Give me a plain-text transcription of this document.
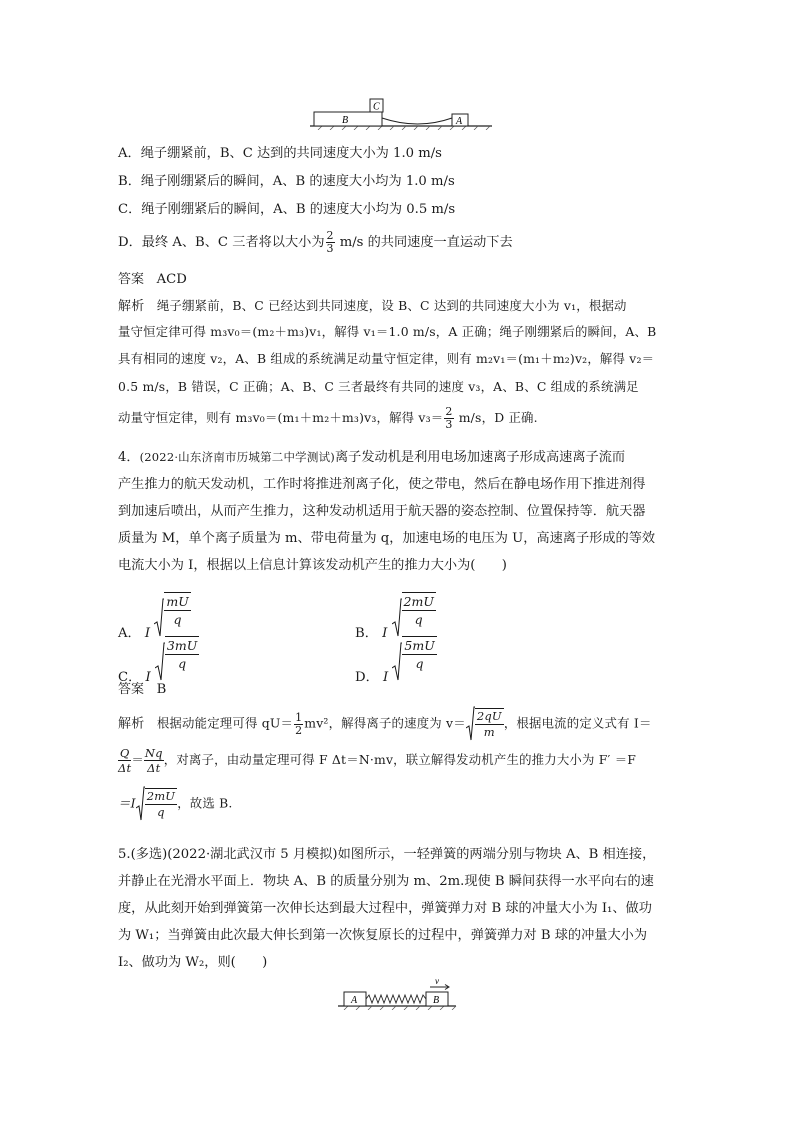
C
B	A
A．绳子绷紧前，B、C 达到的共同速度大小为 1.0 m/s
B．绳子刚绷紧后的瞬间，A、B 的速度大小均为 1.0 m/s
C．绳子刚绷紧后的瞬间，A、B 的速度大小均为 0.5 m/s
D．最终 A、B、C 三者将以大小为 $\frac{2}{3} m/s$ 的共同速度一直运动下去
答案 ACD
解析 绳子绷紧前，B、C 已经达到共同速度，设 B、C 达到的共同速度大小为 v₁，根据动
量守恒定律可得 m₃v₀＝(m₂＋m₃)v₁，解得 v₁＝1.0 m/s，A 正确；绳子刚绷紧后的瞬间，A、B
具有相同的速度 v₂，A、B 组成的系统满足动量守恒定律，则有 m₂v₁＝(m₁＋m₂)v₂，解得 v₂＝
0.5 m/s，B 错误，C 正确；A、B、C 三者最终有共同的速度 v₃，A、B、C 组成的系统满足
动量守恒定律，则有 m₃v₀＝(m₁＋m₂＋m₃)v₃，解得 $v_3= \frac{2}{3} m/s$，D 正确.
4．(2022·山东济南市历城第二中学测试)离子发动机是利用电场加速离子形成高速离子流而
产生推力的航天发动机，工作时将推进剂离子化，使之带电，然后在静电场作用下推进剂得
到加速后喷出，从而产生推力，这种发动机适用于航天器的姿态控制、位置保持等．航天器
质量为 M，单个离子质量为 m、带电荷量为 q，加速电场的电压为 U，高速离子形成的等效
电流大小为 I，根据以上信息计算该发动机产生的推力大小为(　　)
A． I
$\frac{mU}{q}$
B． I
$\frac{2mU}{q}$
C． I
$\frac{3mU}{q}$
D． I
$\frac{5mU}{q}$
答案 B
解析 根据动能定理可得 $qU= \frac{1}{2} mv^2$，解得离子的速度为 $v= \frac{2qU}{m}$ ，根据电流的定义式有 I＝
$\frac{Q}{\Delta t} = \frac{Nq}{\Delta t}$ ，对离子，由动量定理可得 F Δt＝N·mv，联立解得发动机产生的推力大小为 F′ ＝F
$=I \frac{2mU}{q}$ ，故选 B.
5.(多选)(2022·湖北武汉市 5 月模拟)如图所示，一轻弹簧的两端分别与物块 A、B 相连接，
并静止在光滑水平面上．物块 A、B 的质量分别为 m、2m.现使 B 瞬间获得一水平向右的速
度，从此刻开始到弹簧第一次伸长达到最大过程中，弹簧弹力对 B 球的冲量大小为 I₁、做功
为 W₁；当弹簧由此次最大伸长到第一次恢复原长的过程中，弹簧弹力对 B 球的冲量大小为
I₂、做功为 W₂，则(　　)
A	B
v
